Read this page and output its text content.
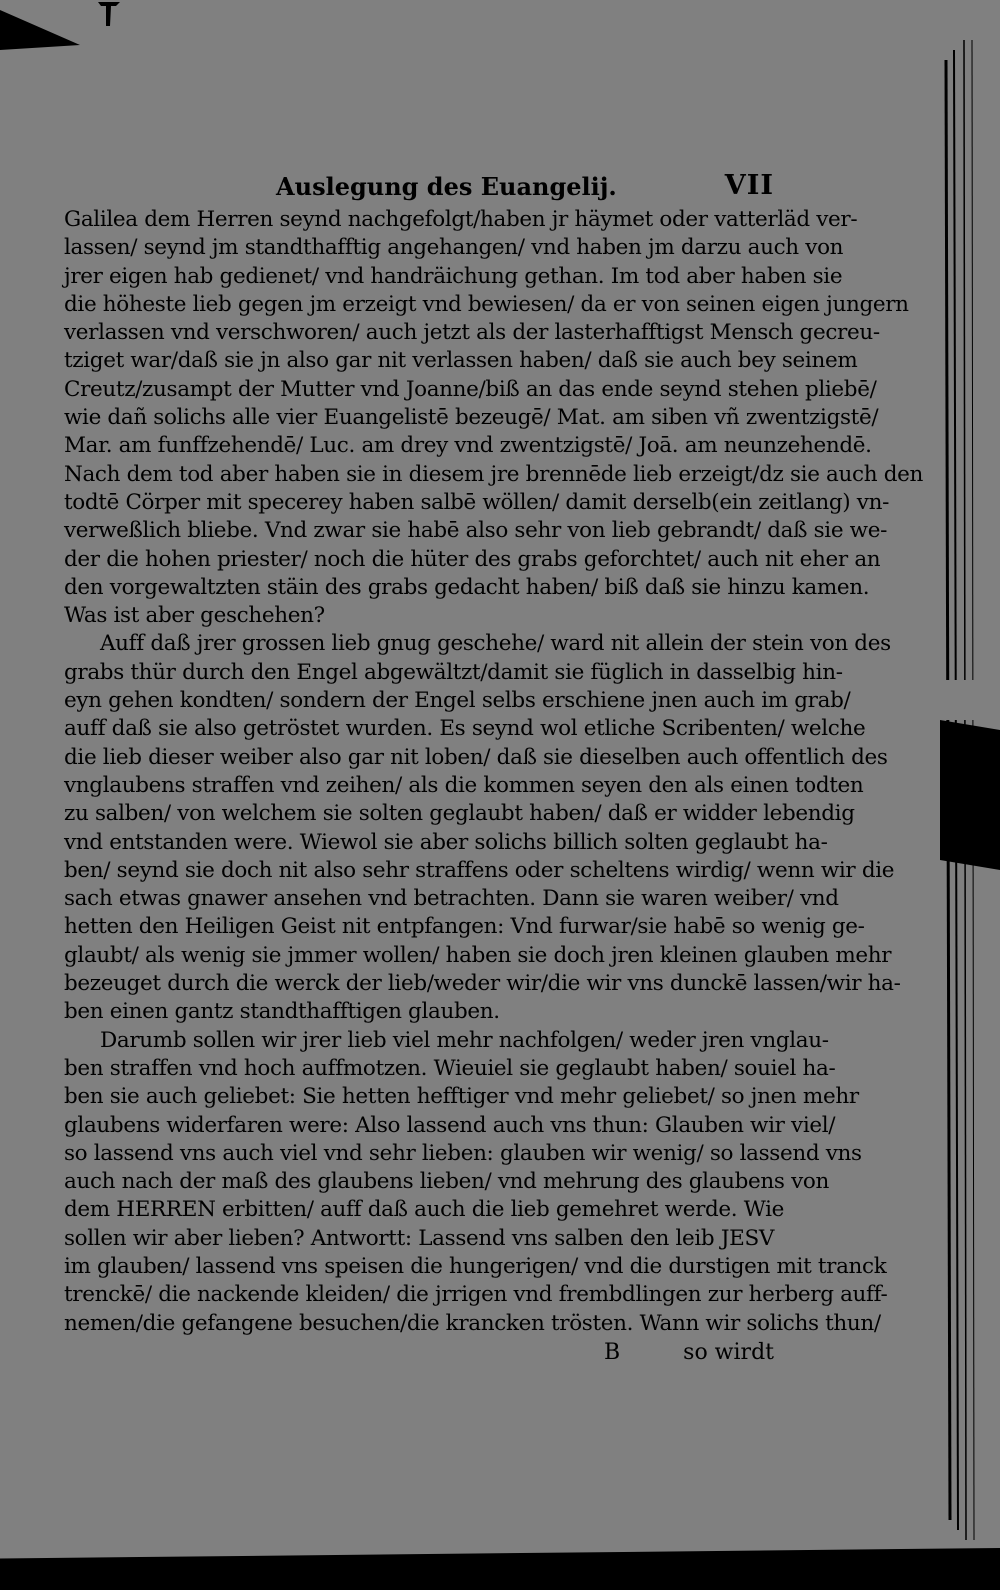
Auslegung des Euangelij.	VII
Galilea dem Herren seynd nachgefolgt/haben jr häymet oder vatterläd ver-
lassen/ seynd jm standthafftig angehangen/ vnd haben jm darzu auch von
jrer eigen hab gedienet/ vnd handräichung gethan. Im tod aber haben sie
die höheste lieb gegen jm erzeigt vnd bewiesen/ da er von seinen eigen jungern
verlassen vnd verschworen/ auch jetzt als der lasterhafftigst Mensch gecreu-
tziget war/daß sie jn also gar nit verlassen haben/ daß sie auch bey seinem
Creutz/zusampt der Mutter vnd Joanne/biß an das ende seynd stehen pliebē/
wie dañ solichs alle vier Euangelistē bezeugē/ Mat. am siben vñ zwentzigstē/
Mar. am funffzehendē/ Luc. am drey vnd zwentzigstē/ Joā. am neunzehendē.
Nach dem tod aber haben sie in diesem jre brennēde lieb erzeigt/dz sie auch den
todtē Cörper mit specerey haben salbē wöllen/ damit derselb(ein zeitlang) vn-
verweßlich bliebe. Vnd zwar sie habē also sehr von lieb gebrandt/ daß sie we-
der die hohen priester/ noch die hüter des grabs geforchtet/ auch nit eher an
den vorgewaltzten stäin des grabs gedacht haben/ biß daß sie hinzu kamen.
Was ist aber geschehen?
Auff daß jrer grossen lieb gnug geschehe/ ward nit allein der stein von des
grabs thür durch den Engel abgewältzt/damit sie füglich in dasselbig hin-
eyn gehen kondten/ sondern der Engel selbs erschiene jnen auch im grab/
auff daß sie also getröstet wurden. Es seynd wol etliche Scribenten/ welche
die lieb dieser weiber also gar nit loben/ daß sie dieselben auch offentlich des
vnglaubens straffen vnd zeihen/ als die kommen seyen den als einen todten
zu salben/ von welchem sie solten geglaubt haben/ daß er widder lebendig
vnd entstanden were. Wiewol sie aber solichs billich solten geglaubt ha-
ben/ seynd sie doch nit also sehr straffens oder scheltens wirdig/ wenn wir die
sach etwas gnawer ansehen vnd betrachten. Dann sie waren weiber/ vnd
hetten den Heiligen Geist nit entpfangen: Vnd furwar/sie habē so wenig ge-
glaubt/ als wenig sie jmmer wollen/ haben sie doch jren kleinen glauben mehr
bezeuget durch die werck der lieb/weder wir/die wir vns dunckē lassen/wir ha-
ben einen gantz standthafftigen glauben.
Darumb sollen wir jrer lieb viel mehr nachfolgen/ weder jren vnglau-
ben straffen vnd hoch auffmotzen. Wieuiel sie geglaubt haben/ souiel ha-
ben sie auch geliebet: Sie hetten hefftiger vnd mehr geliebet/ so jnen mehr
glaubens widerfaren were: Also lassend auch vns thun: Glauben wir viel/
so lassend vns auch viel vnd sehr lieben: glauben wir wenig/ so lassend vns
auch nach der maß des glaubens lieben/ vnd mehrung des glaubens von
dem HERREN erbitten/ auff daß auch die lieb gemehret werde. Wie
sollen wir aber lieben? Antwortt: Lassend vns salben den leib JESV
im glauben/ lassend vns speisen die hungerigen/ vnd die durstigen mit tranck
trenckē/ die nackende kleiden/ die jrrigen vnd frembdlingen zur herberg auff-
nemen/die gefangene besuchen/die krancken trösten. Wann wir solichs thun/
B	so wirdt
